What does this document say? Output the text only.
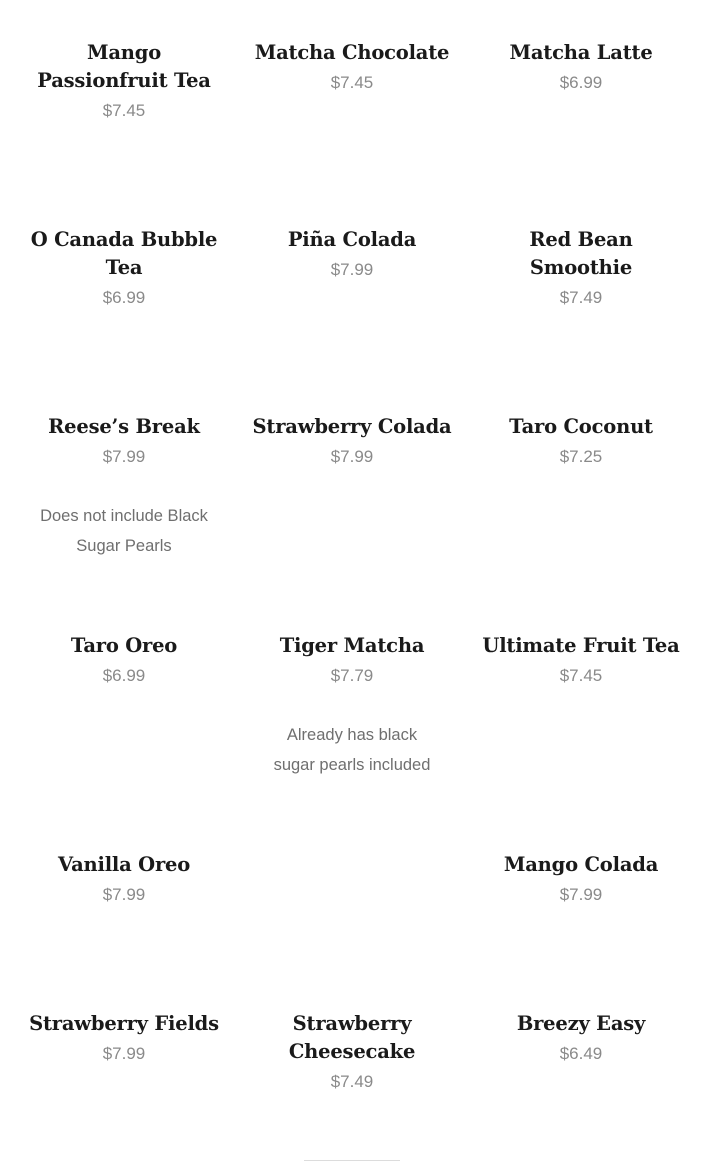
Mango Passionfruit Tea
$7.45
Matcha Chocolate
$7.45
Matcha Latte
$6.99
O Canada Bubble Tea
$6.99
Piña Colada
$7.99
Red Bean Smoothie
$7.49
Reese’s Break
$7.99
Does not include Black Sugar Pearls
Strawberry Colada
$7.99
Taro Coconut
$7.25
Taro Oreo
$6.99
Tiger Matcha
$7.79
Already has black sugar pearls included
Ultimate Fruit Tea
$7.45
Vanilla Oreo
$7.99
Mango Colada
$7.99
Strawberry Fields
$7.99
Strawberry Cheesecake
$7.49
Breezy Easy
$6.49
